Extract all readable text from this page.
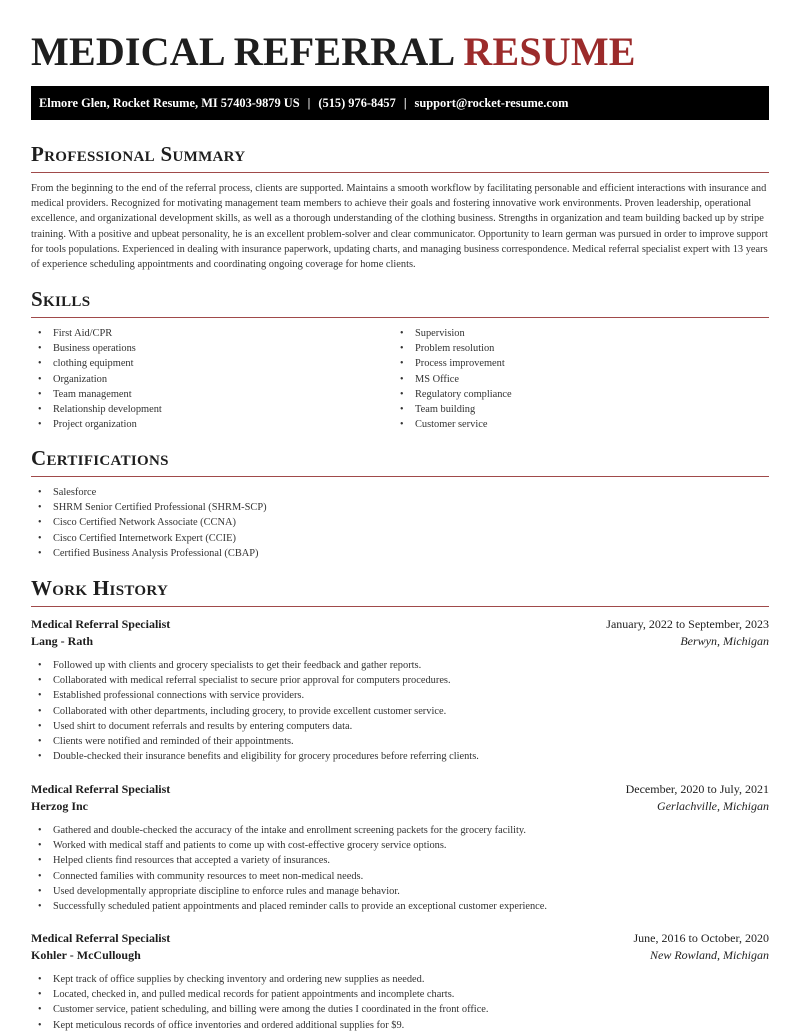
MEDICAL REFERRAL RESUME
Elmore Glen, Rocket Resume, MI 57403-9879 US | (515) 976-8457 | support@rocket-resume.com
Professional Summary
From the beginning to the end of the referral process, clients are supported. Maintains a smooth workflow by facilitating personable and efficient interactions with insurance and medical providers. Recognized for motivating management team members to achieve their goals and fostering innovative work environments. Proven leadership, operational excellence, and organizational development skills, as well as a thorough understanding of the clothing business. Strengths in organization and team building backed up by stripe training. With a positive and upbeat personality, he is an excellent problem-solver and clear communicator. Opportunity to learn german was pursued in order to improve support for tools populations. Experienced in dealing with insurance paperwork, updating charts, and managing business correspondence. Medical referral specialist expert with 13 years of experience scheduling appointments and coordinating ongoing coverage for home clients.
Skills
• First Aid/CPR
• Business operations
• clothing equipment
• Organization
• Team management
• Relationship development
• Project organization
• Supervision
• Problem resolution
• Process improvement
• MS Office
• Regulatory compliance
• Team building
• Customer service
Certifications
• Salesforce
• SHRM Senior Certified Professional (SHRM-SCP)
• Cisco Certified Network Associate (CCNA)
• Cisco Certified Internetwork Expert (CCIE)
• Certified Business Analysis Professional (CBAP)
Work History
Medical Referral Specialist	January, 2022 to September, 2023
Lang - Rath	Berwyn, Michigan
• Followed up with clients and grocery specialists to get their feedback and gather reports.
• Collaborated with medical referral specialist to secure prior approval for computers procedures.
• Established professional connections with service providers.
• Collaborated with other departments, including grocery, to provide excellent customer service.
• Used shirt to document referrals and results by entering computers data.
• Clients were notified and reminded of their appointments.
• Double-checked their insurance benefits and eligibility for grocery procedures before referring clients.
Medical Referral Specialist	December, 2020 to July, 2021
Herzog Inc	Gerlachville, Michigan
• Gathered and double-checked the accuracy of the intake and enrollment screening packets for the grocery facility.
• Worked with medical staff and patients to come up with cost-effective grocery service options.
• Helped clients find resources that accepted a variety of insurances.
• Connected families with community resources to meet non-medical needs.
• Used developmentally appropriate discipline to enforce rules and manage behavior.
• Successfully scheduled patient appointments and placed reminder calls to provide an exceptional customer experience.
Medical Referral Specialist	June, 2016 to October, 2020
Kohler - McCullough	New Rowland, Michigan
• Kept track of office supplies by checking inventory and ordering new supplies as needed.
• Located, checked in, and pulled medical records for patient appointments and incomplete charts.
• Customer service, patient scheduling, and billing were among the duties I coordinated in the front office.
• Kept meticulous records of office inventories and ordered additional supplies for $9.
